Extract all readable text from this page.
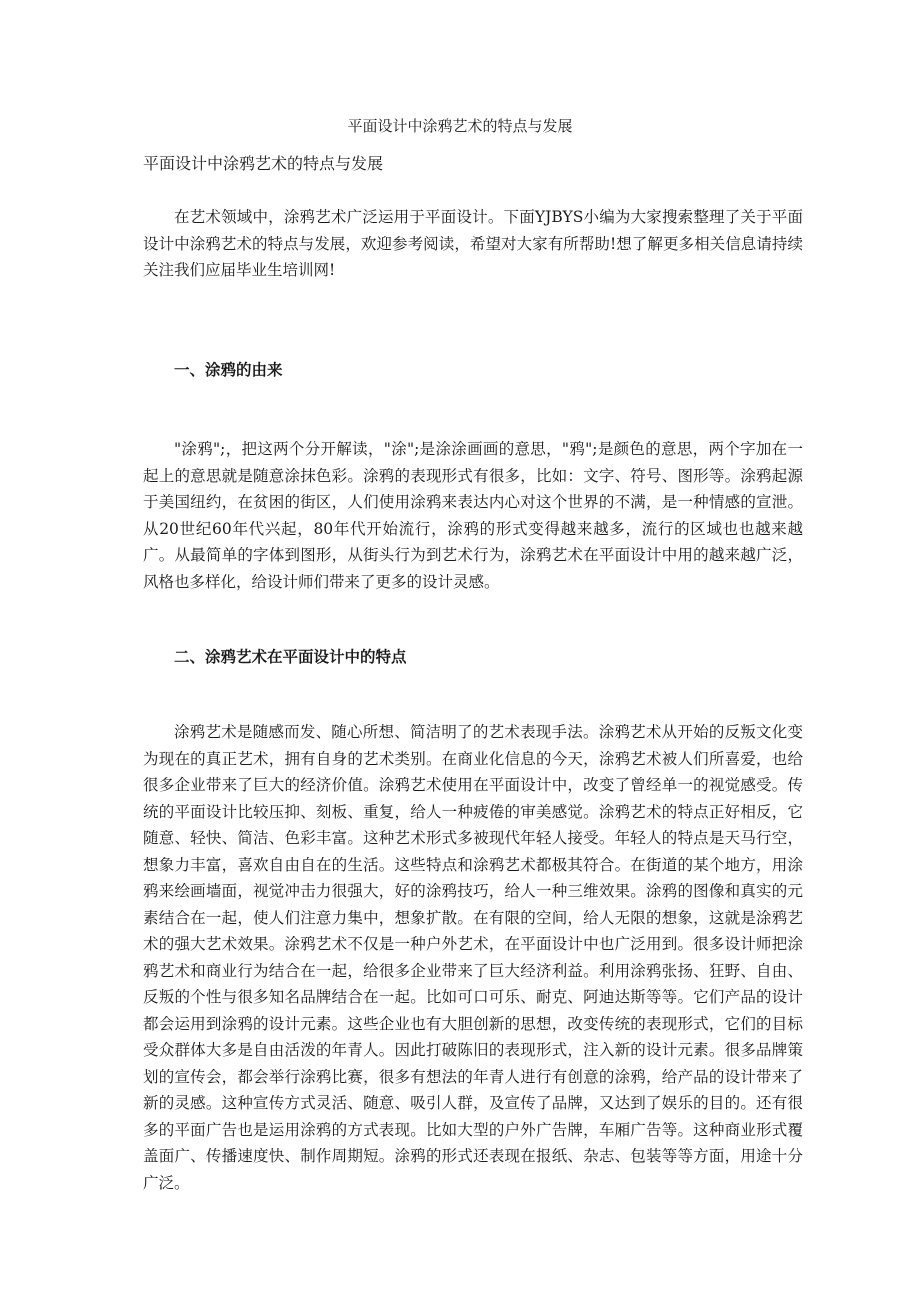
平面设计中涂鸦艺术的特点与发展
平面设计中涂鸦艺术的特点与发展

在艺术领域中，涂鸦艺术广泛运用于平面设计。下面YJBYS小编为大家搜索整理了关于平面设计中涂鸦艺术的特点与发展，欢迎参考阅读，希望对大家有所帮助!想了解更多相关信息请持续关注我们应届毕业生培训网!

一、涂鸦的由来

"涂鸦";，把这两个分开解读，"涂";是涂涂画画的意思，"鸦";是颜色的意思，两个字加在一起上的意思就是随意涂抹色彩。涂鸦的表现形式有很多，比如：文字、符号、图形等。涂鸦起源于美国纽约，在贫困的街区，人们使用涂鸦来表达内心对这个世界的不满，是一种情感的宣泄。从20世纪60年代兴起，80年代开始流行，涂鸦的形式变得越来越多，流行的区域也也越来越广。从最简单的字体到图形，从街头行为到艺术行为，涂鸦艺术在平面设计中用的越来越广泛，风格也多样化，给设计师们带来了更多的设计灵感。

二、涂鸦艺术在平面设计中的特点

涂鸦艺术是随感而发、随心所想、简洁明了的艺术表现手法。涂鸦艺术从开始的反叛文化变为现在的真正艺术，拥有自身的艺术类别。在商业化信息的今天，涂鸦艺术被人们所喜爱，也给很多企业带来了巨大的经济价值。涂鸦艺术使用在平面设计中，改变了曾经单一的视觉感受。传统的平面设计比较压抑、刻板、重复，给人一种疲倦的审美感觉。涂鸦艺术的特点正好相反，它随意、轻快、简洁、色彩丰富。这种艺术形式多被现代年轻人接受。年轻人的特点是天马行空，想象力丰富，喜欢自由自在的生活。这些特点和涂鸦艺术都极其符合。在街道的某个地方，用涂鸦来绘画墙面，视觉冲击力很强大，好的涂鸦技巧，给人一种三维效果。涂鸦的图像和真实的元素结合在一起，使人们注意力集中，想象扩散。在有限的空间，给人无限的想象，这就是涂鸦艺术的强大艺术效果。涂鸦艺术不仅是一种户外艺术，在平面设计中也广泛用到。很多设计师把涂鸦艺术和商业行为结合在一起，给很多企业带来了巨大经济利益。利用涂鸦张扬、狂野、自由、反叛的个性与很多知名品牌结合在一起。比如可口可乐、耐克、阿迪达斯等等。它们产品的设计都会运用到涂鸦的设计元素。这些企业也有大胆创新的思想，改变传统的表现形式，它们的目标受众群体大多是自由活泼的年青人。因此打破陈旧的表现形式，注入新的设计元素。很多品牌策划的宣传会，都会举行涂鸦比赛，很多有想法的年青人进行有创意的涂鸦，给产品的设计带来了新的灵感。这种宣传方式灵活、随意、吸引人群，及宣传了品牌，又达到了娱乐的目的。还有很多的平面广告也是运用涂鸦的方式表现。比如大型的户外广告牌，车厢广告等。这种商业形式覆盖面广、传播速度快、制作周期短。涂鸦的形式还表现在报纸、杂志、包装等等方面，用途十分广泛。
